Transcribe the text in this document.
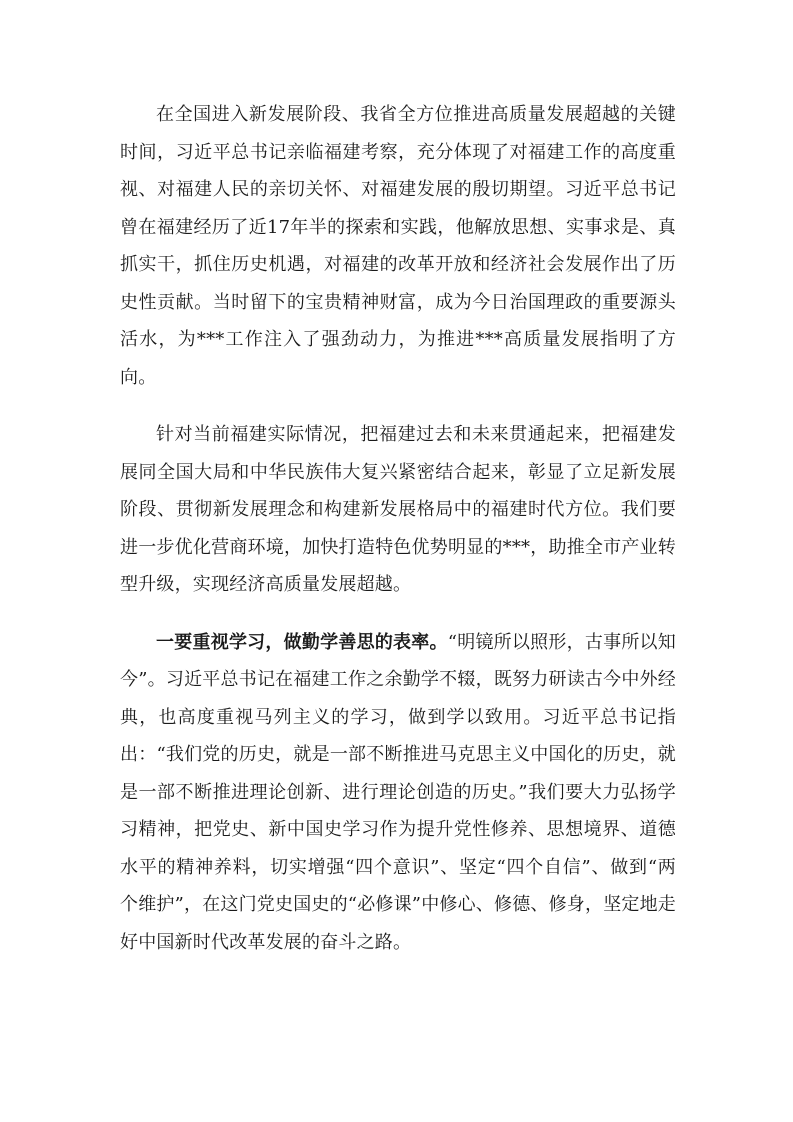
在全国进入新发展阶段、我省全方位推进高质量发展超越的关键时间，习近平总书记亲临福建考察，充分体现了对福建工作的高度重视、对福建人民的亲切关怀、对福建发展的殷切期望。习近平总书记曾在福建经历了近17年半的探索和实践，他解放思想、实事求是、真抓实干，抓住历史机遇，对福建的改革开放和经济社会发展作出了历史性贡献。当时留下的宝贵精神财富，成为今日治国理政的重要源头活水，为***工作注入了强劲动力，为推进***高质量发展指明了方向。

针对当前福建实际情况，把福建过去和未来贯通起来，把福建发展同全国大局和中华民族伟大复兴紧密结合起来，彰显了立足新发展阶段、贯彻新发展理念和构建新发展格局中的福建时代方位。我们要进一步优化营商环境，加快打造特色优势明显的***，助推全市产业转型升级，实现经济高质量发展超越。

一要重视学习，做勤学善思的表率。“明镜所以照形，古事所以知今”。习近平总书记在福建工作之余勤学不辍，既努力研读古今中外经典，也高度重视马列主义的学习，做到学以致用。习近平总书记指出：“我们党的历史，就是一部不断推进马克思主义中国化的历史，就是一部不断推进理论创新、进行理论创造的历史。”我们要大力弘扬学习精神，把党史、新中国史学习作为提升党性修养、思想境界、道德水平的精神养料，切实增强“四个意识”、坚定“四个自信”、做到“两个维护”，在这门党史国史的“必修课”中修心、修德、修身，坚定地走好中国新时代改革发展的奋斗之路。
